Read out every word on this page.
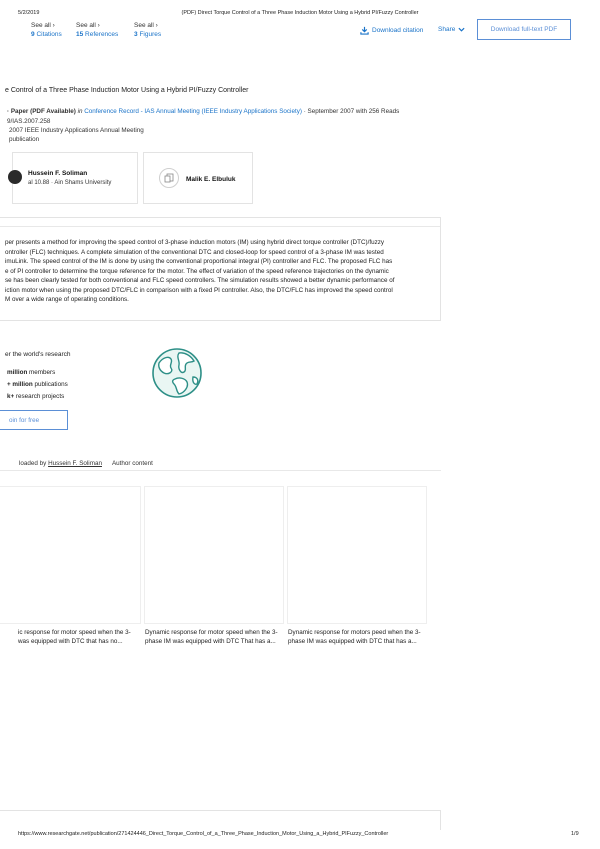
5/2/2019	(PDF) Direct Torque Control of a Three Phase Induction Motor Using a Hybrid PI/Fuzzy Controller
See all ›
9 Citations
See all ›
15 References
See all ›
3 Figures
Download citation Share	Download full-text PDF
e Control of a Three Phase Induction Motor Using a Hybrid PI/Fuzzy Controller
· Paper (PDF Available) in Conference Record - IAS Annual Meeting (IEEE Industry Applications Society) · September 2007 with 256 Reads
9/IAS.2007.258
2007 IEEE Industry Applications Annual Meeting
publication
Hussein F. Soliman
al 10.88 · Ain Shams University	Malik E. Elbuluk
per presents a method for improving the speed control of 3-phase induction motors (IM) using hybrid direct torque controller (DTC)/fuzzy
ontroller (FLC) techniques. A complete simulation of the conventional DTC and closed-loop for speed control of a 3-phase IM was tested
imuLink. The speed control of the IM is done by using the conventional proportional integral (PI) controller and FLC. The proposed FLC has
e of PI controller to determine the torque reference for the motor. The effect of variation of the speed reference trajectories on the dynamic
se has been clearly tested for both conventional and FLC speed controllers. The simulation results showed a better dynamic performance of
iction motor when using the proposed DTC/FLC in comparison with a fixed PI controller. Also, the DTC/FLC has improved the speed control
M over a wide range of operating conditions.
er the world's research
million members
+ million publications
k+ research projects
oin for free
loaded by Hussein F. Soliman Author content
ic response for motor speed when the 3-
was equipped with DTC that has no...
Dynamic response for motor speed when the 3-
phase IM was equipped with DTC That has a...
Dynamic response for motors peed when the 3-
phase IM was equipped with DTC that has a...
https://www.researchgate.net/publication/271424446_Direct_Torque_Control_of_a_Three_Phase_Induction_Motor_Using_a_Hybrid_PIFuzzy_Controller	1/9
